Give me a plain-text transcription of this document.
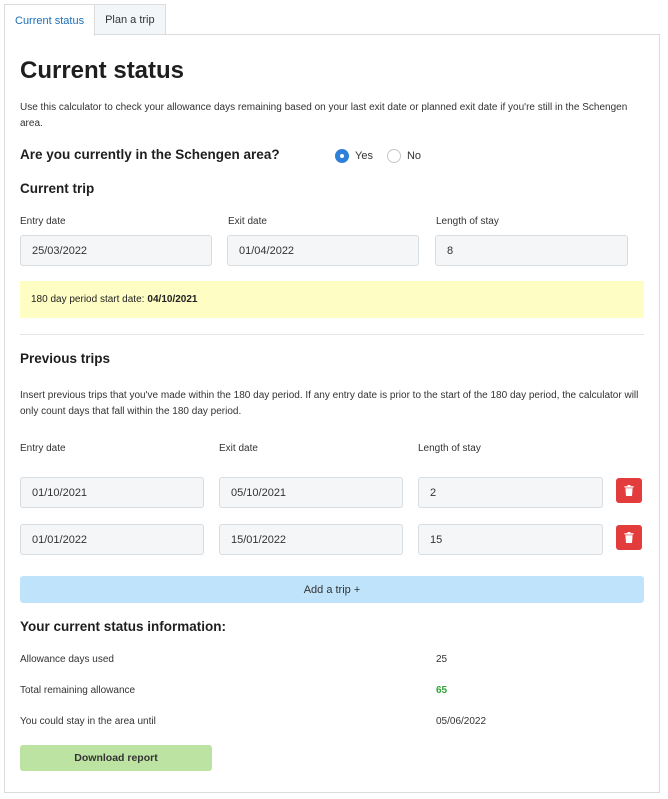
Current status	Plan a trip
Current status

Use this calculator to check your allowance days remaining based on your last exit date or planned exit date if you're still in the Schengen area.

Are you currently in the Schengen area?	Yes	No
Current trip
Entry date	Exit date	Length of stay
25/03/2022	01/04/2022	8
180 day period start date: 04/10/2021
Previous trips

Insert previous trips that you've made within the 180 day period. If any entry date is prior to the start of the 180 day period, the calculator will only count days that fall within the 180 day period.

Entry date	Exit date	Length of stay
01/10/2021	05/10/2021	2
01/01/2022	15/01/2022	15
Add a trip +
Your current status information:
Allowance days used	25
Total remaining allowance	65
You could stay in the area until	05/06/2022
Download report
